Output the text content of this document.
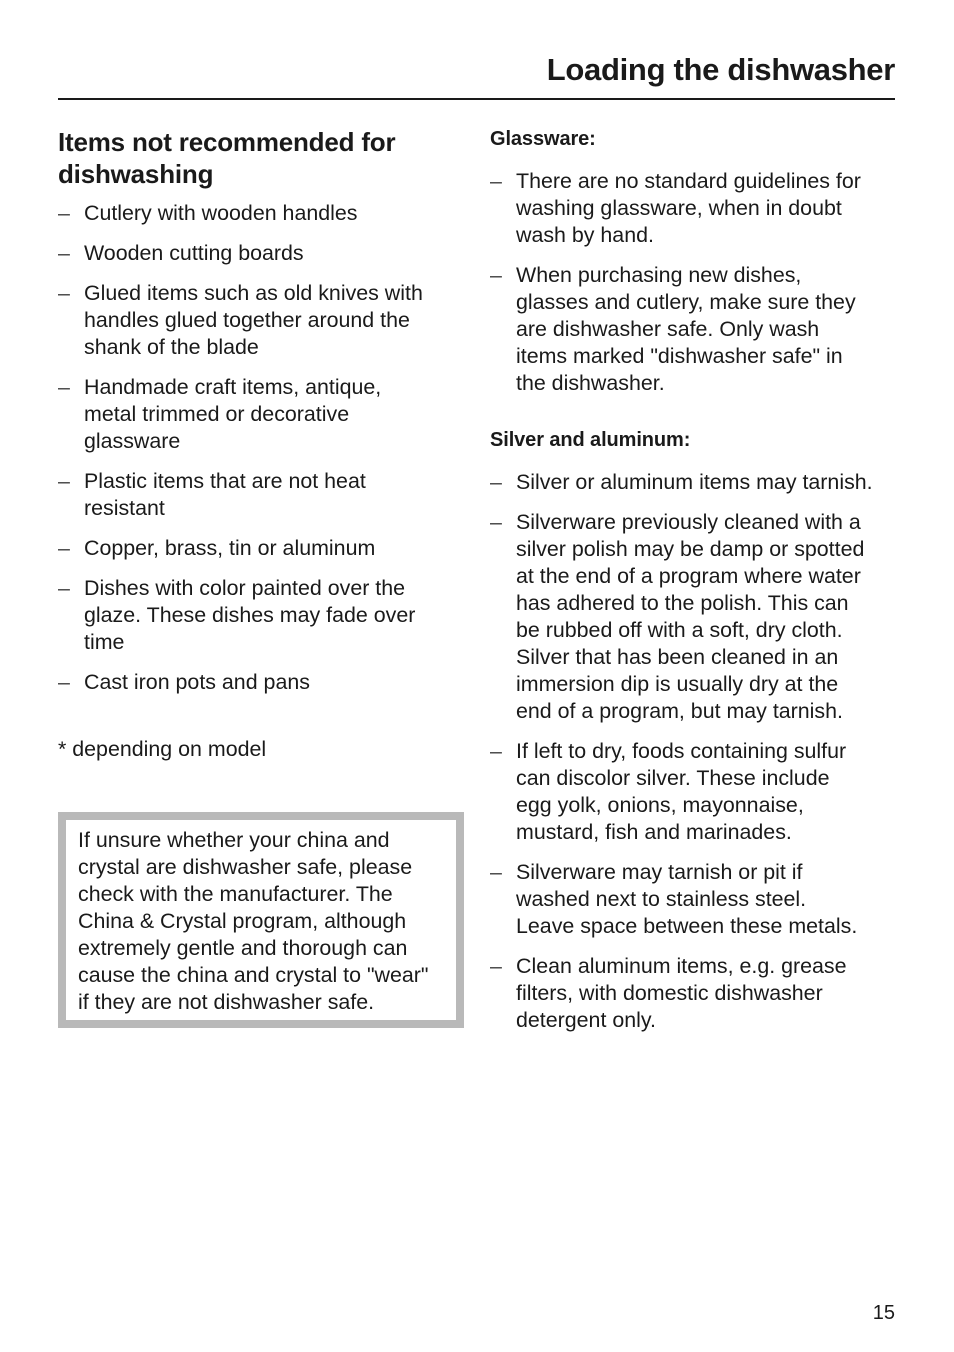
Loading the dishwasher
Items not recommended for
dishwashing
– Cutlery with wooden handles
– Wooden cutting boards
– Glued items such as old knives with
handles glued together around the
shank of the blade
– Handmade craft items, antique,
metal trimmed or decorative
glassware
– Plastic items that are not heat
resistant
– Copper, brass, tin or aluminum
– Dishes with color painted over the
glaze. These dishes may fade over
time
– Cast iron pots and pans
* depending on model
If unsure whether your china and
crystal are dishwasher safe, please
check with the manufacturer. The
China & Crystal program, although
extremely gentle and thorough can
cause the china and crystal to "wear"
if they are not dishwasher safe.
Glassware:
– There are no standard guidelines for
washing glassware, when in doubt
wash by hand.
– When purchasing new dishes,
glasses and cutlery, make sure they
are dishwasher safe. Only wash
items marked "dishwasher safe" in
the dishwasher.
Silver and aluminum:
– Silver or aluminum items may tarnish.
– Silverware previously cleaned with a
silver polish may be damp or spotted
at the end of a program where water
has adhered to the polish. This can
be rubbed off with a soft, dry cloth.
Silver that has been cleaned in an
immersion dip is usually dry at the
end of a program, but may tarnish.
– If left to dry, foods containing sulfur
can discolor silver. These include
egg yolk, onions, mayonnaise,
mustard, fish and marinades.
– Silverware may tarnish or pit if
washed next to stainless steel.
Leave space between these metals.
– Clean aluminum items, e.g. grease
filters, with domestic dishwasher
detergent only.
15
